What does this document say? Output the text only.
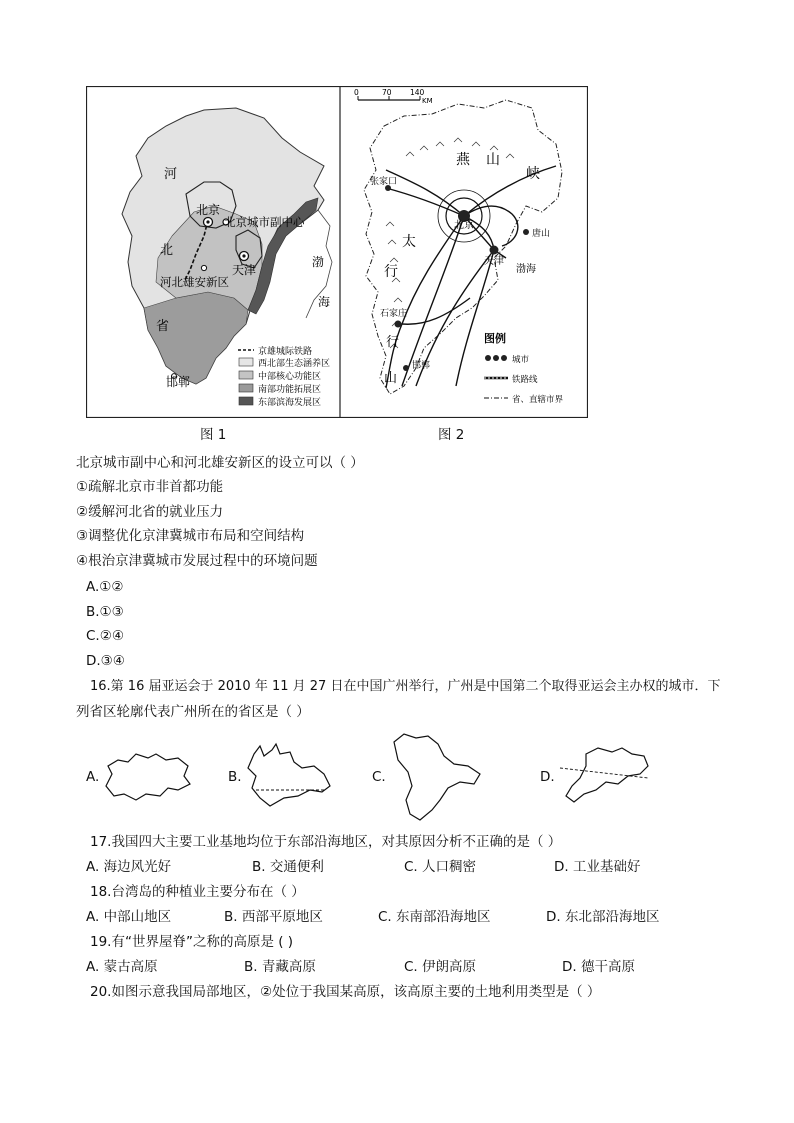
河
北
省
北京
北京城市副中心
天津
河北雄安新区
邯郸
渤
海
京雄城际铁路
西北部生态涵养区
中部核心功能区
南部功能拓展区
东部滨海发展区
0	70 140
KM
张家口
北京
天津
唐山
渤海
石家庄
邯郸
燕 山
峡
太
行
行
山
图例
城市
铁路线
省、直辖市界
图 1	图 2
北京城市副中心和河北雄安新区的设立可以（ ）
①疏解北京市非首都功能
②缓解河北省的就业压力
③调整优化京津冀城市布局和空间结构
④根治京津冀城市发展过程中的环境问题
A.①②
B.①③
C.②④
D.③④
16.第 16 届亚运会于 2010 年 11 月 27 日在中国广州举行，广州是中国第二个取得亚运会主办权的城市．下
列省区轮廓代表广州所在的省区是（ ）
A.	B.	C.	D.
17.我国四大主要工业基地均位于东部沿海地区，对其原因分析不正确的是（ ）
A. 海边风光好	B. 交通便利	C. 人口稠密	D. 工业基础好
18.台湾岛的种植业主要分布在（ ）
A. 中部山地区	B. 西部平原地区	C. 东南部沿海地区	D. 东北部沿海地区
19.有“世界屋脊”之称的高原是 ( )
A. 蒙古高原	B. 青藏高原	C. 伊朗高原	D. 德干高原
20.如图示意我国局部地区，②处位于我国某高原，该高原主要的土地利用类型是（ ）
